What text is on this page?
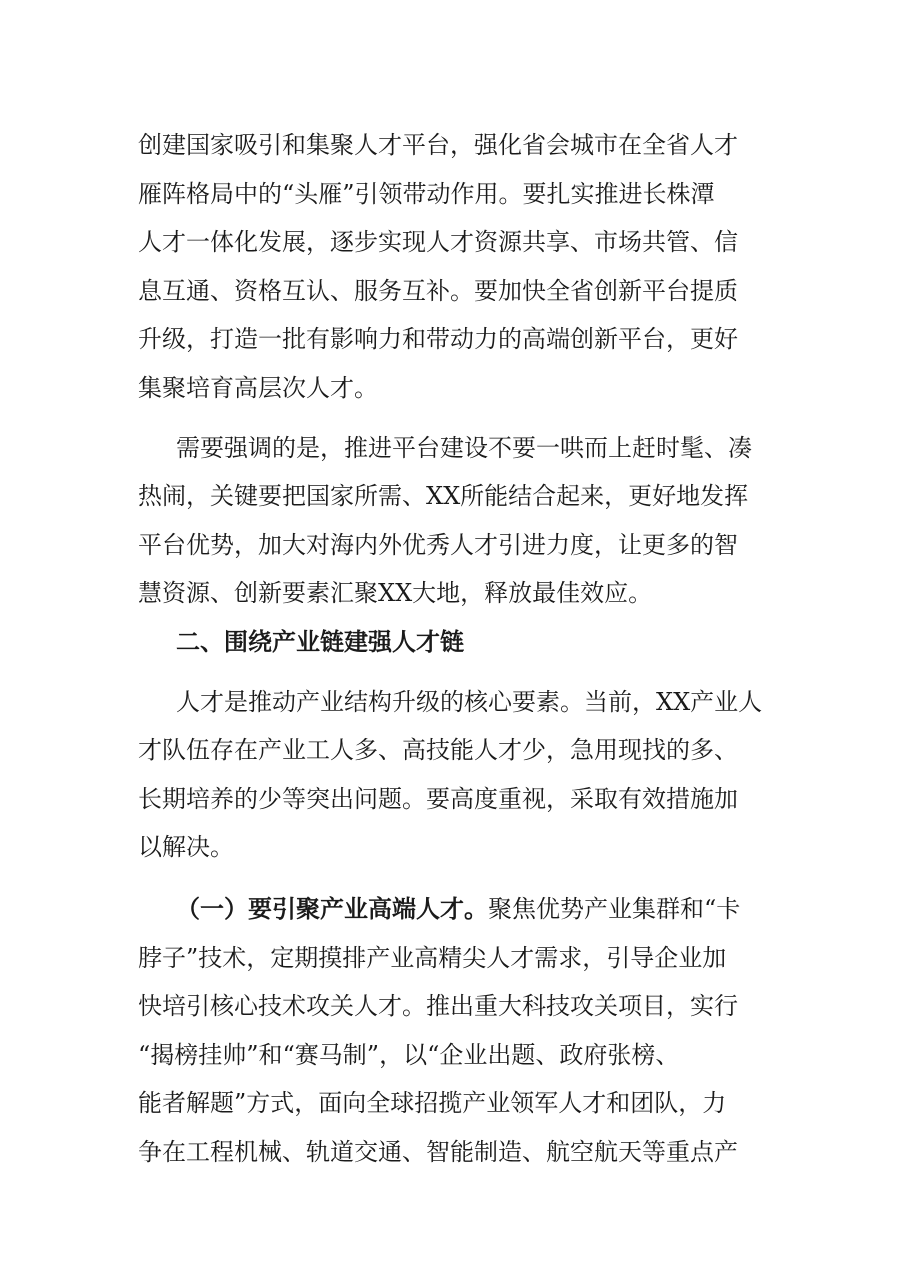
创建国家吸引和集聚人才平台，强化省会城市在全省人才
雁阵格局中的“头雁”引领带动作用。要扎实推进长株潭
人才一体化发展，逐步实现人才资源共享、市场共管、信
息互通、资格互认、服务互补。要加快全省创新平台提质
升级，打造一批有影响力和带动力的高端创新平台，更好
集聚培育高层次人才。
需要强调的是，推进平台建设不要一哄而上赶时髦、凑
热闹，关键要把国家所需、XX所能结合起来，更好地发挥
平台优势，加大对海内外优秀人才引进力度，让更多的智
慧资源、创新要素汇聚XX大地，释放最佳效应。
二、围绕产业链建强人才链
人才是推动产业结构升级的核心要素。当前，XX产业人
才队伍存在产业工人多、高技能人才少，急用现找的多、
长期培养的少等突出问题。要高度重视，采取有效措施加
以解决。
（一）要引聚产业高端人才。聚焦优势产业集群和“卡
脖子”技术，定期摸排产业高精尖人才需求，引导企业加
快培引核心技术攻关人才。推出重大科技攻关项目，实行
“揭榜挂帅”和“赛马制”，以“企业出题、政府张榜、
能者解题”方式，面向全球招揽产业领军人才和团队，力
争在工程机械、轨道交通、智能制造、航空航天等重点产
